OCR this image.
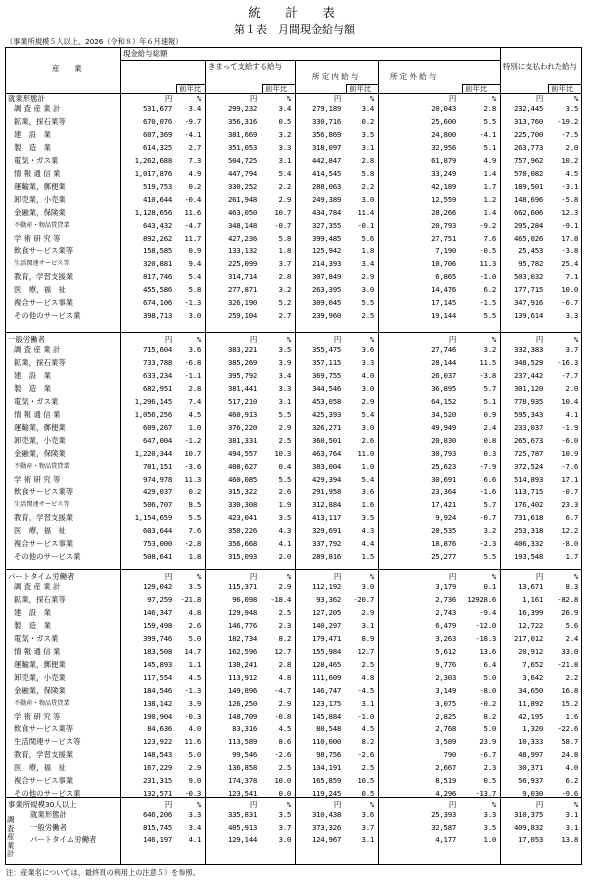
統　計　表
第１表　月間現金給与額
（事業所規模５人以上、2026（令和８）年６月速報）
前年比	前年比	前年比	前年比	前年比
産　　業
現金給与総額
きまって支給する給与
所 定 内 給 与	所 定 外 給 与
特別に支払われた給与
就業形態計	円	%	円	%	円	%	円	%	円	%
調 査 産 業 計	531,677	3.4	299,232	3.4	279,189	3.4	20,043	2.8	232,445	3.5
鉱業，採石業等	670,076	-9.7	356,316	0.5	330,716	0.2	25,600	5.5	313,760	-19.2
建　設　業	607,369	-4.1	381,669	3.2	356,869	3.5	24,800	-4.1	225,700	-7.5
製　造　業	614,325	2.7	351,053	3.3	318,097	3.1	32,956	5.1	263,773	2.0
電気・ガス業	1,262,688	7.3	504,725	3.1	442,847	2.8	61,879	4.9	757,962	10.2
情 報 通 信 業	1,017,876	4.9	447,794	5.4	414,545	5.8	33,249	1.4	570,082	4.5
運輸業，郵便業	519,753	0.2	330,252	2.2	288,063	2.2	42,189	1.7	189,501	-3.1
卸売業，小売業	410,644	-0.4	261,948	2.9	249,389	3.0	12,559	1.2	148,696	-5.8
金融業，保険業	1,128,656	11.6	463,050	10.7	434,784	11.4	28,266	1.4	662,606	12.3
不動産・物品賃貸業	643,432	-4.7	348,148	-0.7	327,355	-0.1	20,793	-9.2	295,284	-9.1
学 術 研 究 等	892,262	11.7	427,236	5.8	399,485	5.6	27,751	7.6	465,026	17.8
飲食サービス業等	158,585	0.9	133,132	1.8	125,942	1.8	7,190	-0.5	25,453	-3.8
生活関連サービス等	320,881	9.4	225,099	3.7	214,393	3.4	10,706	11.3	95,782	25.4
教育，学習支援業	817,746	5.4	314,714	2.8	307,849	2.9	6,865	-1.0	503,032	7.1
医　療，福　祉	455,586	5.8	277,871	3.2	263,395	3.0	14,476	6.2	177,715	10.0
複合サービス事業	674,106	-1.3	326,190	5.2	309,045	5.5	17,145	-1.5	347,916	-6.7
その他のサービス業	398,713	3.0	259,104	2.7	239,960	2.5	19,144	5.5	139,614	3.3
一般労働者	円	%	円	%	円	%	円	%	円	%
調 査 産 業 計	715,604	3.6	383,221	3.5	355,475	3.6	27,746	3.2	332,383	3.7
鉱業，採石業等	733,788	-6.8	385,269	3.9	357,115	3.3	28,144	11.5	348,529	-16.3
建　設　業	633,234	-1.1	395,792	3.4	369,755	4.0	26,037	-3.8	237,442	-7.7
製　造　業	682,951	2.8	381,441	3.3	344,546	3.0	36,895	5.7	301,120	2.0
電気・ガス業	1,296,145	7.4	517,210	3.1	453,058	2.9	64,152	5.1	778,935	10.4
情 報 通 信 業	1,056,256	4.5	460,913	5.5	425,393	5.4	34,520	0.9	595,343	4.1
運輸業，郵便業	609,267	1.0	376,220	2.9	326,271	3.0	49,949	2.4	233,037	-1.9
卸売業，小売業	647,004	-1.2	381,331	2.5	360,501	2.6	20,830	0.8	265,673	-6.0
金融業，保険業	1,220,344	10.7	494,557	10.3	463,764	11.0	30,793	0.3	725,787	10.9
不動産・物品賃貸業	781,151	-3.6	408,627	0.4	383,004	1.0	25,623	-7.9	372,524	-7.6
学 術 研 究 等	974,978	11.3	460,085	5.5	429,394	5.4	30,691	6.6	514,893	17.1
飲食サービス業等	429,037	0.2	315,322	2.6	291,958	3.6	23,364	-1.6	113,715	-0.7
生活関連サービス等	506,707	8.5	330,308	1.9	312,884	1.6	17,421	5.7	176,402	23.3
教育，学習支援業	1,154,659	5.5	423,041	3.5	413,117	3.5	9,924	-0.7	731,618	6.7
医　療，福　祉	603,644	7.6	350,226	4.3	329,691	4.3	20,535	3.2	253,318	12.2
複合サービス事業	753,000	-2.8	356,668	4.1	337,792	4.4	18,876	-2.3	406,332	-8.0
その他のサービス業	508,641	1.8	315,093	2.0	289,816	1.5	25,277	5.5	193,548	1.7
パートタイム労働者	円	%	円	%	円	%	円	%	円	%
調 査 産 業 計	129,042	3.5	115,371	2.9	112,192	3.0	3,179	0.1	13,671	8.3
鉱業，採石業等	97,259	-21.8	96,098	-18.4	93,362	-20.7	2,736	12928.6	1,161	-82.8
建　設　業	146,347	4.8	129,948	2.5	127,205	2.9	2,743	-9.4	16,399	26.9
製　造　業	159,498	2.6	146,776	2.3	140,297	3.1	6,479	-12.0	12,722	5.6
電気・ガス業	399,746	5.0	182,734	8.2	179,471	8.9	3,263	-18.3	217,012	2.4
情 報 通 信 業	183,508	14.7	162,596	12.7	155,984	12.7	5,612	13.6	20,912	33.0
運輸業，郵便業	145,893	1.1	138,241	2.8	128,465	2.5	9,776	6.4	7,652	-21.8
卸売業，小売業	117,554	4.5	113,912	4.8	111,609	4.8	2,303	5.0	3,642	2.2
金融業，保険業	184,546	-1.3	149,896	-4.7	146,747	-4.5	3,149	-8.0	34,650	16.8
不動産・物品賃貸業	138,142	3.9	126,250	2.9	123,175	3.1	3,075	-0.2	11,892	15.2
学 術 研 究 等	190,904	-0.3	148,709	-0.8	145,884	-1.0	2,825	8.2	42,195	1.6
飲食サービス業等	84,636	4.0	83,316	4.5	80,548	4.5	2,768	5.0	1,320	-22.6
生活関連サービス等	123,922	11.6	113,589	8.6	110,000	8.2	3,589	23.9	10,333	58.7
教育，学習支援業	148,543	5.0	99,546	-2.6	98,756	-2.6	790	-6.7	48,997	24.8
医　療，福　祉	167,229	2.9	136,858	2.5	134,191	2.5	2,667	2.3	30,371	4.0
複合サービス事業	231,315	9.0	174,378	10.0	165,859	10.5	8,519	0.5	56,937	6.2
その他のサービス業	132,571	-0.3	123,541	0.0	119,245	0.5	4,296	-13.7	9,030	-9.6
事業所規模30人以上	円	%	円	%	円	%	円	%	円	%
調査産業計
就業形態計	646,206	3.3	335,831	3.5	310,438	3.6	25,393	3.3	310,375	3.1
一般労働者	815,745	3.4	405,913	3.7	373,326	3.7	32,587	3.5	409,832	3.1
パートタイム労働者	146,197	4.1	129,144	3.0	124,967	3.1	4,177	1.0	17,053	13.8
注：産業名については、最終頁の利用上の注意５）を参照。
